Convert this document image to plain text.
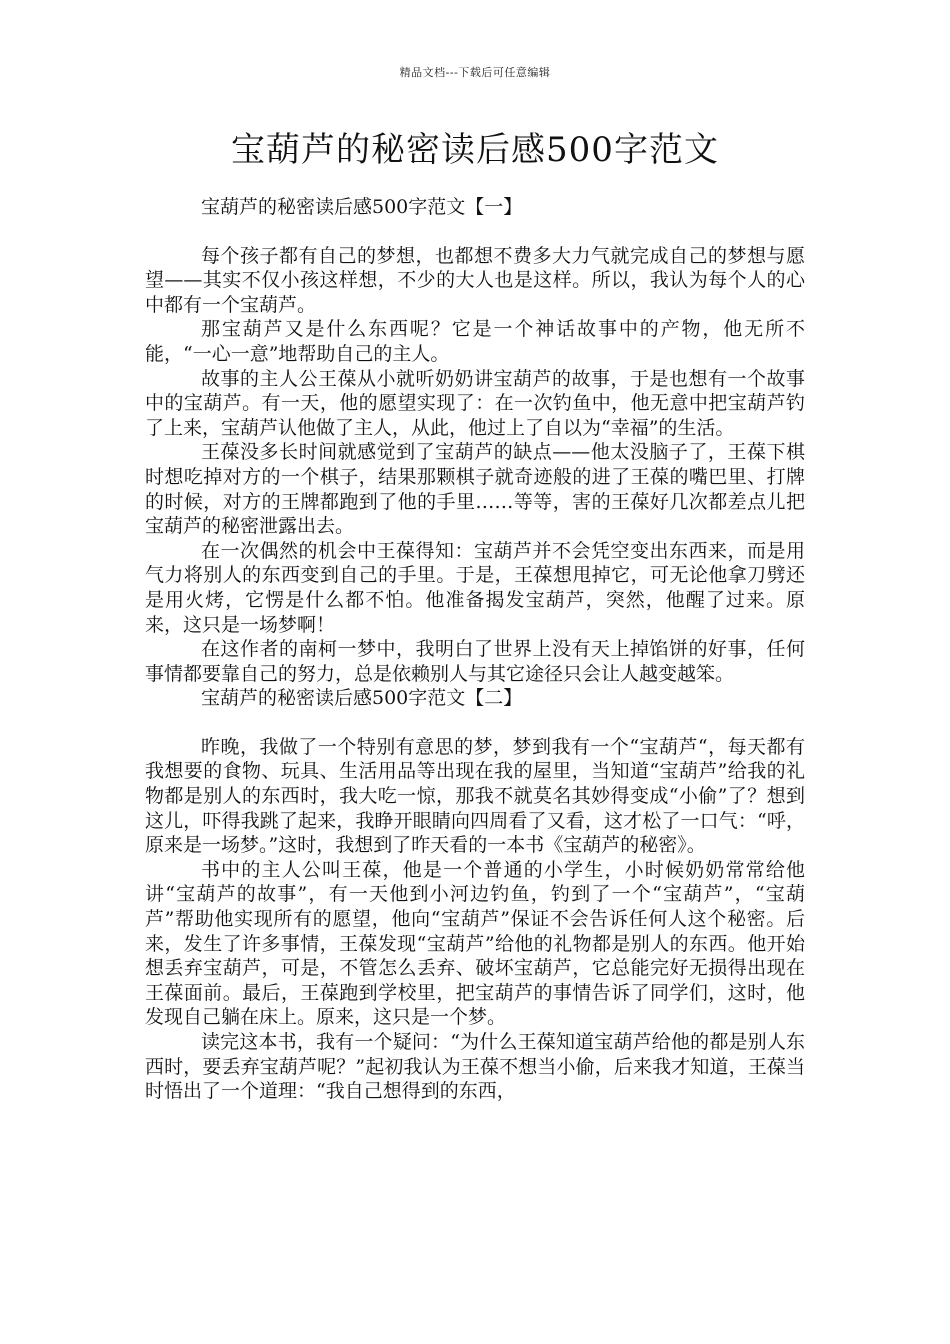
精品文档---下载后可任意编辑
宝葫芦的秘密读后感500字范文

宝葫芦的秘密读后感500字范文【一】

每个孩子都有自己的梦想，也都想不费多大力气就完成自己的梦想与愿望——其实不仅小孩这样想，不少的大人也是这样。所以，我认为每个人的心中都有一个宝葫芦。

那宝葫芦又是什么东西呢？它是一个神话故事中的产物，他无所不能，“一心一意”地帮助自己的主人。

故事的主人公王葆从小就听奶奶讲宝葫芦的故事，于是也想有一个故事中的宝葫芦。有一天，他的愿望实现了：在一次钓鱼中，他无意中把宝葫芦钓了上来，宝葫芦认他做了主人，从此，他过上了自以为“幸福”的生活。

王葆没多长时间就感觉到了宝葫芦的缺点——他太没脑子了，王葆下棋时想吃掉对方的一个棋子，结果那颗棋子就奇迹般的进了王葆的嘴巴里、打牌的时候，对方的王牌都跑到了他的手里……等等，害的王葆好几次都差点儿把宝葫芦的秘密泄露出去。

在一次偶然的机会中王葆得知：宝葫芦并不会凭空变出东西来，而是用气力将别人的东西变到自己的手里。于是，王葆想甩掉它，可无论他拿刀劈还是用火烤，它愣是什么都不怕。他准备揭发宝葫芦，突然，他醒了过来。原来，这只是一场梦啊！

在这作者的南柯一梦中，我明白了世界上没有天上掉馅饼的好事，任何事情都要靠自己的努力，总是依赖别人与其它途径只会让人越变越笨。

宝葫芦的秘密读后感500字范文【二】

昨晚，我做了一个特别有意思的梦，梦到我有一个“宝葫芦“，每天都有我想要的食物、玩具、生活用品等出现在我的屋里，当知道“宝葫芦”给我的礼物都是别人的东西时，我大吃一惊，那我不就莫名其妙得变成“小偷”了？想到这儿，吓得我跳了起来，我睁开眼睛向四周看了又看，这才松了一口气：“呼，原来是一场梦。”这时，我想到了昨天看的一本书《宝葫芦的秘密》。

书中的主人公叫王葆，他是一个普通的小学生，小时候奶奶常常给他讲“宝葫芦的故事”，有一天他到小河边钓鱼，钓到了一个“宝葫芦”，“宝葫芦”帮助他实现所有的愿望，他向“宝葫芦”保证不会告诉任何人这个秘密。后来，发生了许多事情，王葆发现“宝葫芦”给他的礼物都是别人的东西。他开始想丢弃宝葫芦，可是，不管怎么丢弃、破坏宝葫芦，它总能完好无损得出现在王葆面前。最后，王葆跑到学校里，把宝葫芦的事情告诉了同学们，这时，他发现自己躺在床上。原来，这只是一个梦。

读完这本书，我有一个疑问：“为什么王葆知道宝葫芦给他的都是别人东西时，要丢弃宝葫芦呢？”起初我认为王葆不想当小偷，后来我才知道，王葆当时悟出了一个道理：“我自己想得到的东西，
